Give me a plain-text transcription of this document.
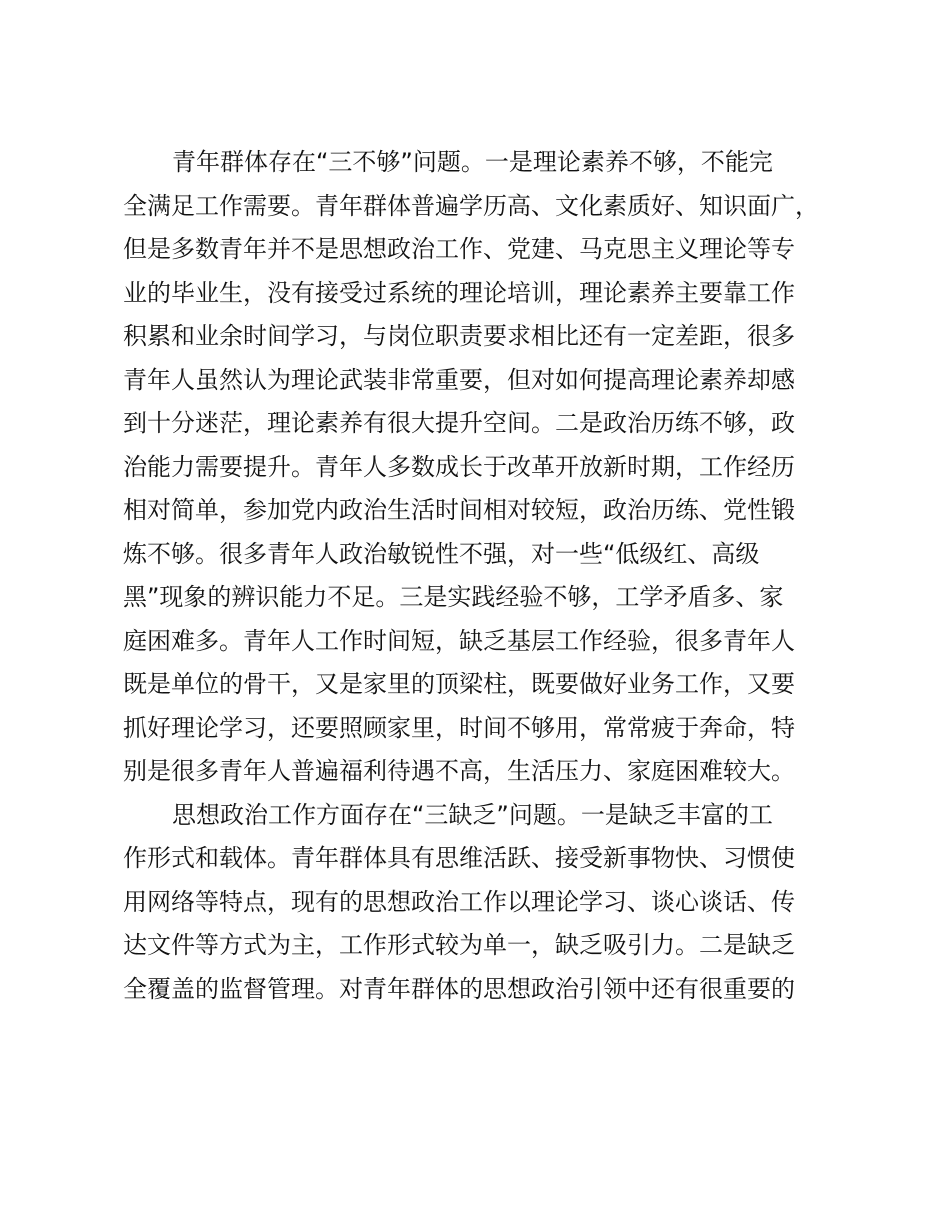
青年群体存在“三不够”问题。一是理论素养不够，不能完
全满足工作需要。青年群体普遍学历高、文化素质好、知识面广，
但是多数青年并不是思想政治工作、党建、马克思主义理论等专
业的毕业生，没有接受过系统的理论培训，理论素养主要靠工作
积累和业余时间学习，与岗位职责要求相比还有一定差距，很多
青年人虽然认为理论武装非常重要，但对如何提高理论素养却感
到十分迷茫，理论素养有很大提升空间。二是政治历练不够，政
治能力需要提升。青年人多数成长于改革开放新时期，工作经历
相对简单，参加党内政治生活时间相对较短，政治历练、党性锻
炼不够。很多青年人政治敏锐性不强，对一些“低级红、高级
黑”现象的辨识能力不足。三是实践经验不够，工学矛盾多、家
庭困难多。青年人工作时间短，缺乏基层工作经验，很多青年人
既是单位的骨干，又是家里的顶梁柱，既要做好业务工作，又要
抓好理论学习，还要照顾家里，时间不够用，常常疲于奔命，特
别是很多青年人普遍福利待遇不高，生活压力、家庭困难较大。
思想政治工作方面存在“三缺乏”问题。一是缺乏丰富的工
作形式和载体。青年群体具有思维活跃、接受新事物快、习惯使
用网络等特点，现有的思想政治工作以理论学习、谈心谈话、传
达文件等方式为主，工作形式较为单一，缺乏吸引力。二是缺乏
全覆盖的监督管理。对青年群体的思想政治引领中还有很重要的
